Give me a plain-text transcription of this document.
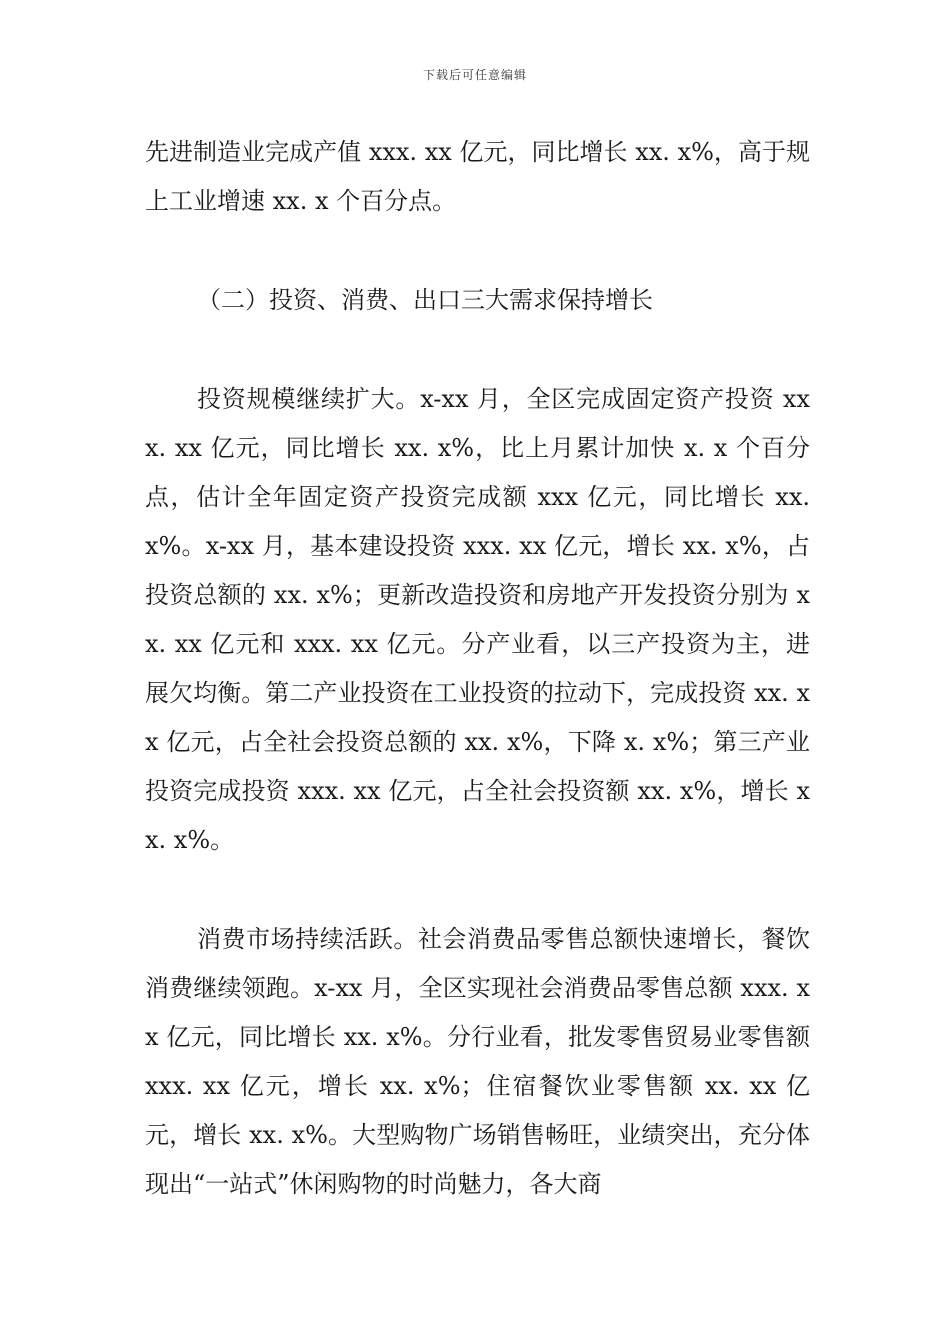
下载后可任意编辑

先进制造业完成产值 xxx. xx 亿元，同比增长 xx. x%，高于规上工业增速 xx. x 个百分点。

（二）投资、消费、出口三大需求保持增长

投资规模继续扩大。x-xx 月，全区完成固定资产投资 xxx. xx 亿元，同比增长 xx. x%，比上月累计加快 x. x 个百分点，估计全年固定资产投资完成额 xxx 亿元，同比增长 xx. x%。x-xx 月，基本建设投资 xxx. xx 亿元，增长 xx. x%，占投资总额的 xx. x%；更新改造投资和房地产开发投资分别为 xx. xx 亿元和 xxx. xx 亿元。分产业看，以三产投资为主，进展欠均衡。第二产业投资在工业投资的拉动下，完成投资 xx. xx 亿元，占全社会投资总额的 xx. x%，下降 x. x%；第三产业投资完成投资 xxx. xx 亿元，占全社会投资额 xx. x%，增长 xx. x%。

消费市场持续活跃。社会消费品零售总额快速增长，餐饮消费继续领跑。x-xx 月，全区实现社会消费品零售总额 xxx. xx 亿元，同比增长 xx. x%。分行业看，批发零售贸易业零售额 xxx. xx 亿元，增长 xx. x%；住宿餐饮业零售额 xx. xx 亿元，增长 xx. x%。大型购物广场销售畅旺，业绩突出，充分体现出“一站式”休闲购物的时尚魅力，各大商
